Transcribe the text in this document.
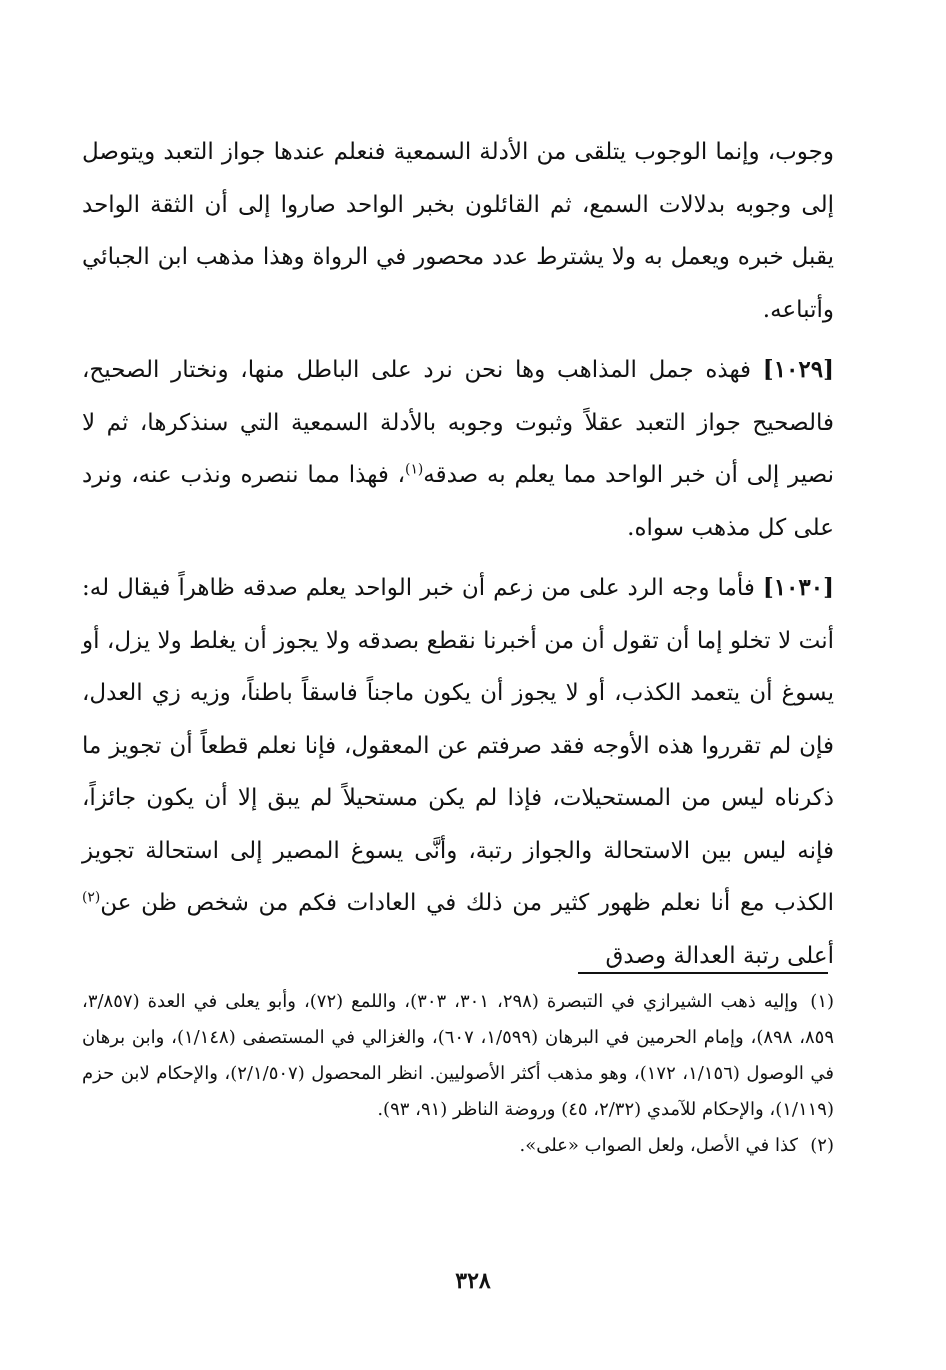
وجوب، وإنما الوجوب يتلقى من الأدلة السمعية فنعلم عندها جواز التعبد ويتوصل إلى وجوبه بدلالات السمع، ثم القائلون بخبر الواحد صاروا إلى أن الثقة الواحد يقبل خبره ويعمل به ولا يشترط عدد محصور في الرواة وهذا مذهب ابن الجبائي وأتباعه.

[١٠٢٩] فهذه جمل المذاهب وها نحن نرد على الباطل منها، ونختار الصحيح، فالصحيح جواز التعبد عقلاً وثبوت وجوبه بالأدلة السمعية التي سنذكرها، ثم لا نصير إلى أن خبر الواحد مما يعلم به صدقه$^{(١)}$، فهذا مما ننصره ونذب عنه، ونرد على كل مذهب سواه.

[١٠٣٠] فأما وجه الرد على من زعم أن خبر الواحد يعلم صدقه ظاهراً فيقال له: أنت لا تخلو إما أن تقول أن من أخبرنا نقطع بصدقه ولا يجوز أن يغلط ولا يزل، أو يسوغ أن يتعمد الكذب، أو لا يجوز أن يكون ماجناً فاسقاً باطناً، وزيه زي العدل، فإن لم تقرروا هذه الأوجه فقد صرفتم عن المعقول، فإنا نعلم قطعاً أن تجويز ما ذكرناه ليس من المستحيلات، فإذا لم يكن مستحيلاً لم يبق إلا أن يكون جائزاً، فإنه ليس بين الاستحالة والجواز رتبة، وأنَّى يسوغ المصير إلى استحالة تجويز الكذب مع أنا نعلم ظهور كثير من ذلك في العادات فكم من شخص ظن عن$^{(٢)}$ أعلى رتبة العدالة وصدق

(١)وإليه ذهب الشيرازي في التبصرة (٢٩٨، ٣٠١، ٣٠٣)، واللمع (٧٢)، وأبو يعلى في العدة (٣/٨٥٧، ٨٥٩، ٨٩٨)، وإمام الحرمين في البرهان (١/٥٩٩، ٦٠٧)، والغزالي في المستصفى (١/١٤٨)، وابن برهان في الوصول (١/١٥٦، ١٧٢)، وهو مذهب أكثر الأصوليين. انظر المحصول (٢/١/٥٠٧)، والإحكام لابن حزم (١/١١٩)، والإحكام للآمدي (٢/٣٢، ٤٥) وروضة الناظر (٩١، ٩٣).

(٢)كذا في الأصل، ولعل الصواب «على».

٣٢٨
